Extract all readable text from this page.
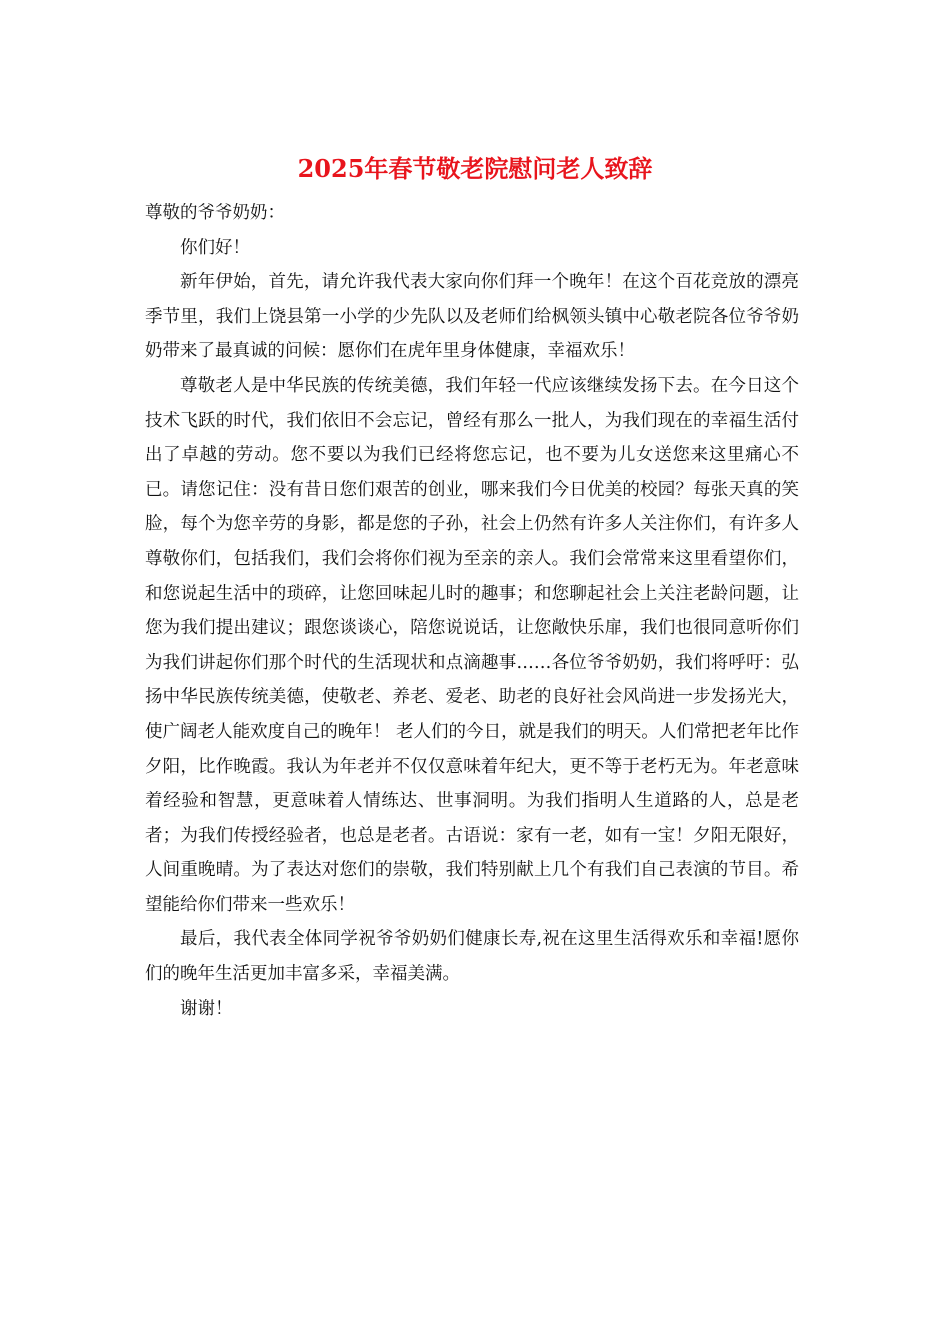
2025年春节敬老院慰问老人致辞

尊敬的爷爷奶奶：

你们好！

新年伊始，首先，请允许我代表大家向你们拜一个晚年！在这个百花竞放的漂亮季节里，我们上饶县第一小学的少先队以及老师们给枫领头镇中心敬老院各位爷爷奶奶带来了最真诚的问候：愿你们在虎年里身体健康，幸福欢乐！

尊敬老人是中华民族的传统美德，我们年轻一代应该继续发扬下去。在今日这个技术飞跃的时代，我们依旧不会忘记，曾经有那么一批人，为我们现在的幸福生活付出了卓越的劳动。您不要以为我们已经将您忘记，也不要为儿女送您来这里痛心不已。请您记住：没有昔日您们艰苦的创业，哪来我们今日优美的校园？每张天真的笑脸，每个为您辛劳的身影，都是您的子孙，社会上仍然有许多人关注你们，有许多人尊敬你们，包括我们，我们会将你们视为至亲的亲人。我们会常常来这里看望你们，和您说起生活中的琐碎，让您回味起儿时的趣事；和您聊起社会上关注老龄问题，让您为我们提出建议；跟您谈谈心，陪您说说话，让您敞快乐扉，我们也很同意听你们为我们讲起你们那个时代的生活现状和点滴趣事……各位爷爷奶奶，我们将呼吁：弘扬中华民族传统美德，使敬老、养老、爱老、助老的良好社会风尚进一步发扬光大，使广阔老人能欢度自己的晚年！ 老人们的今日，就是我们的明天。人们常把老年比作夕阳，比作晚霞。我认为年老并不仅仅意味着年纪大，更不等于老朽无为。年老意味着经验和智慧，更意味着人情练达、世事洞明。为我们指明人生道路的人，总是老者；为我们传授经验者，也总是老者。古语说：家有一老，如有一宝！夕阳无限好，人间重晚晴。为了表达对您们的崇敬，我们特别献上几个有我们自己表演的节目。希望能给你们带来一些欢乐！

最后，我代表全体同学祝爷爷奶奶们健康长寿,祝在这里生活得欢乐和幸福!愿你们的晚年生活更加丰富多采，幸福美满。

谢谢！
